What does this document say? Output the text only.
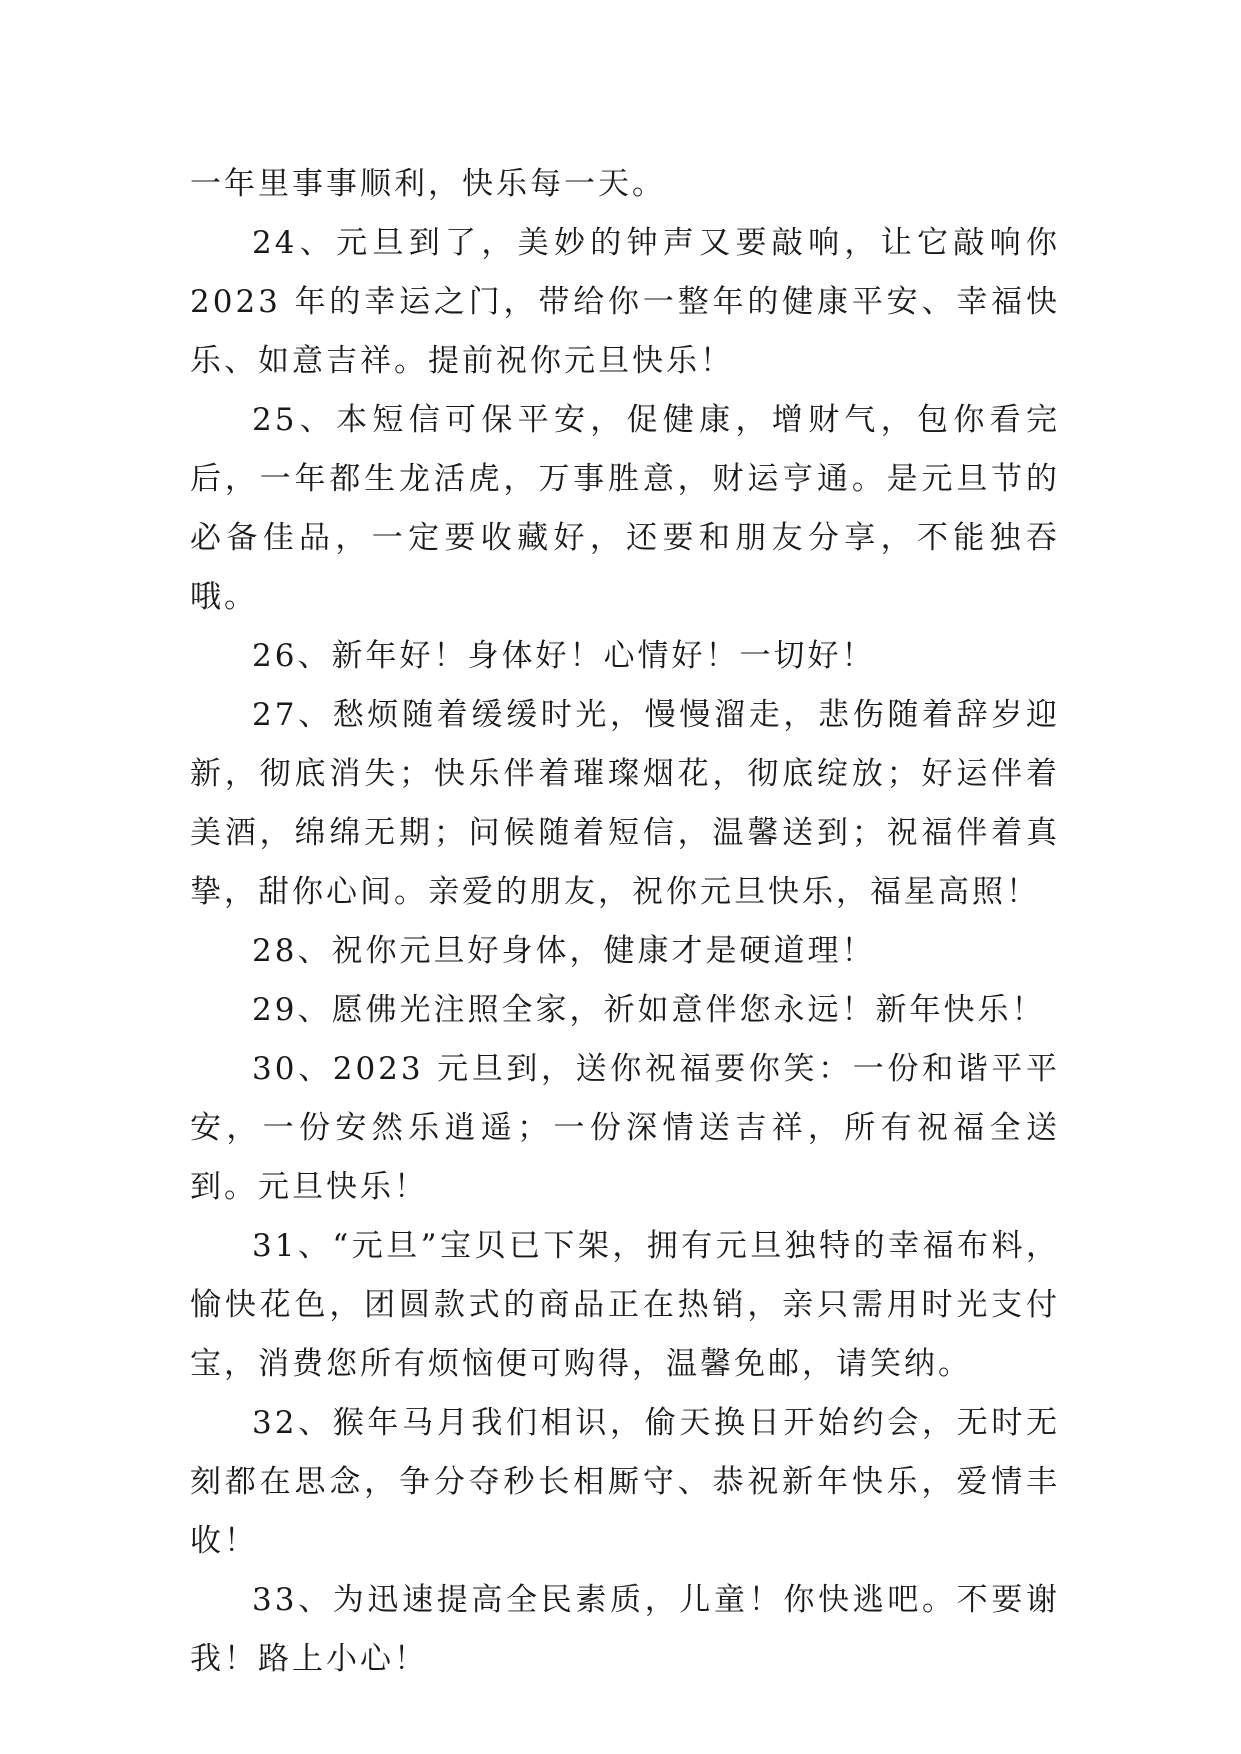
一年里事事顺利，快乐每一天。

24、元旦到了，美妙的钟声又要敲响，让它敲响你 2023 年的幸运之门，带给你一整年的健康平安、幸福快乐、如意吉祥。提前祝你元旦快乐！

25、本短信可保平安，促健康，增财气，包你看完后，一年都生龙活虎，万事胜意，财运亨通。是元旦节的必备佳品，一定要收藏好，还要和朋友分享，不能独吞哦。

26、新年好！身体好！心情好！一切好！

27、愁烦随着缓缓时光，慢慢溜走，悲伤随着辞岁迎新，彻底消失；快乐伴着璀璨烟花，彻底绽放；好运伴着美酒，绵绵无期；问候随着短信，温馨送到；祝福伴着真挚，甜你心间。亲爱的朋友，祝你元旦快乐，福星高照！

28、祝你元旦好身体，健康才是硬道理！

29、愿佛光注照全家，祈如意伴您永远！新年快乐！

30、2023 元旦到，送你祝福要你笑：一份和谐平平安，一份安然乐逍遥；一份深情送吉祥，所有祝福全送到。元旦快乐！

31、“元旦”宝贝已下架，拥有元旦独特的幸福布料，愉快花色，团圆款式的商品正在热销，亲只需用时光支付宝，消费您所有烦恼便可购得，温馨免邮，请笑纳。

32、猴年马月我们相识，偷天换日开始约会，无时无刻都在思念，争分夺秒长相厮守、恭祝新年快乐，爱情丰收！

33、为迅速提高全民素质，儿童！你快逃吧。不要谢我！路上小心！
